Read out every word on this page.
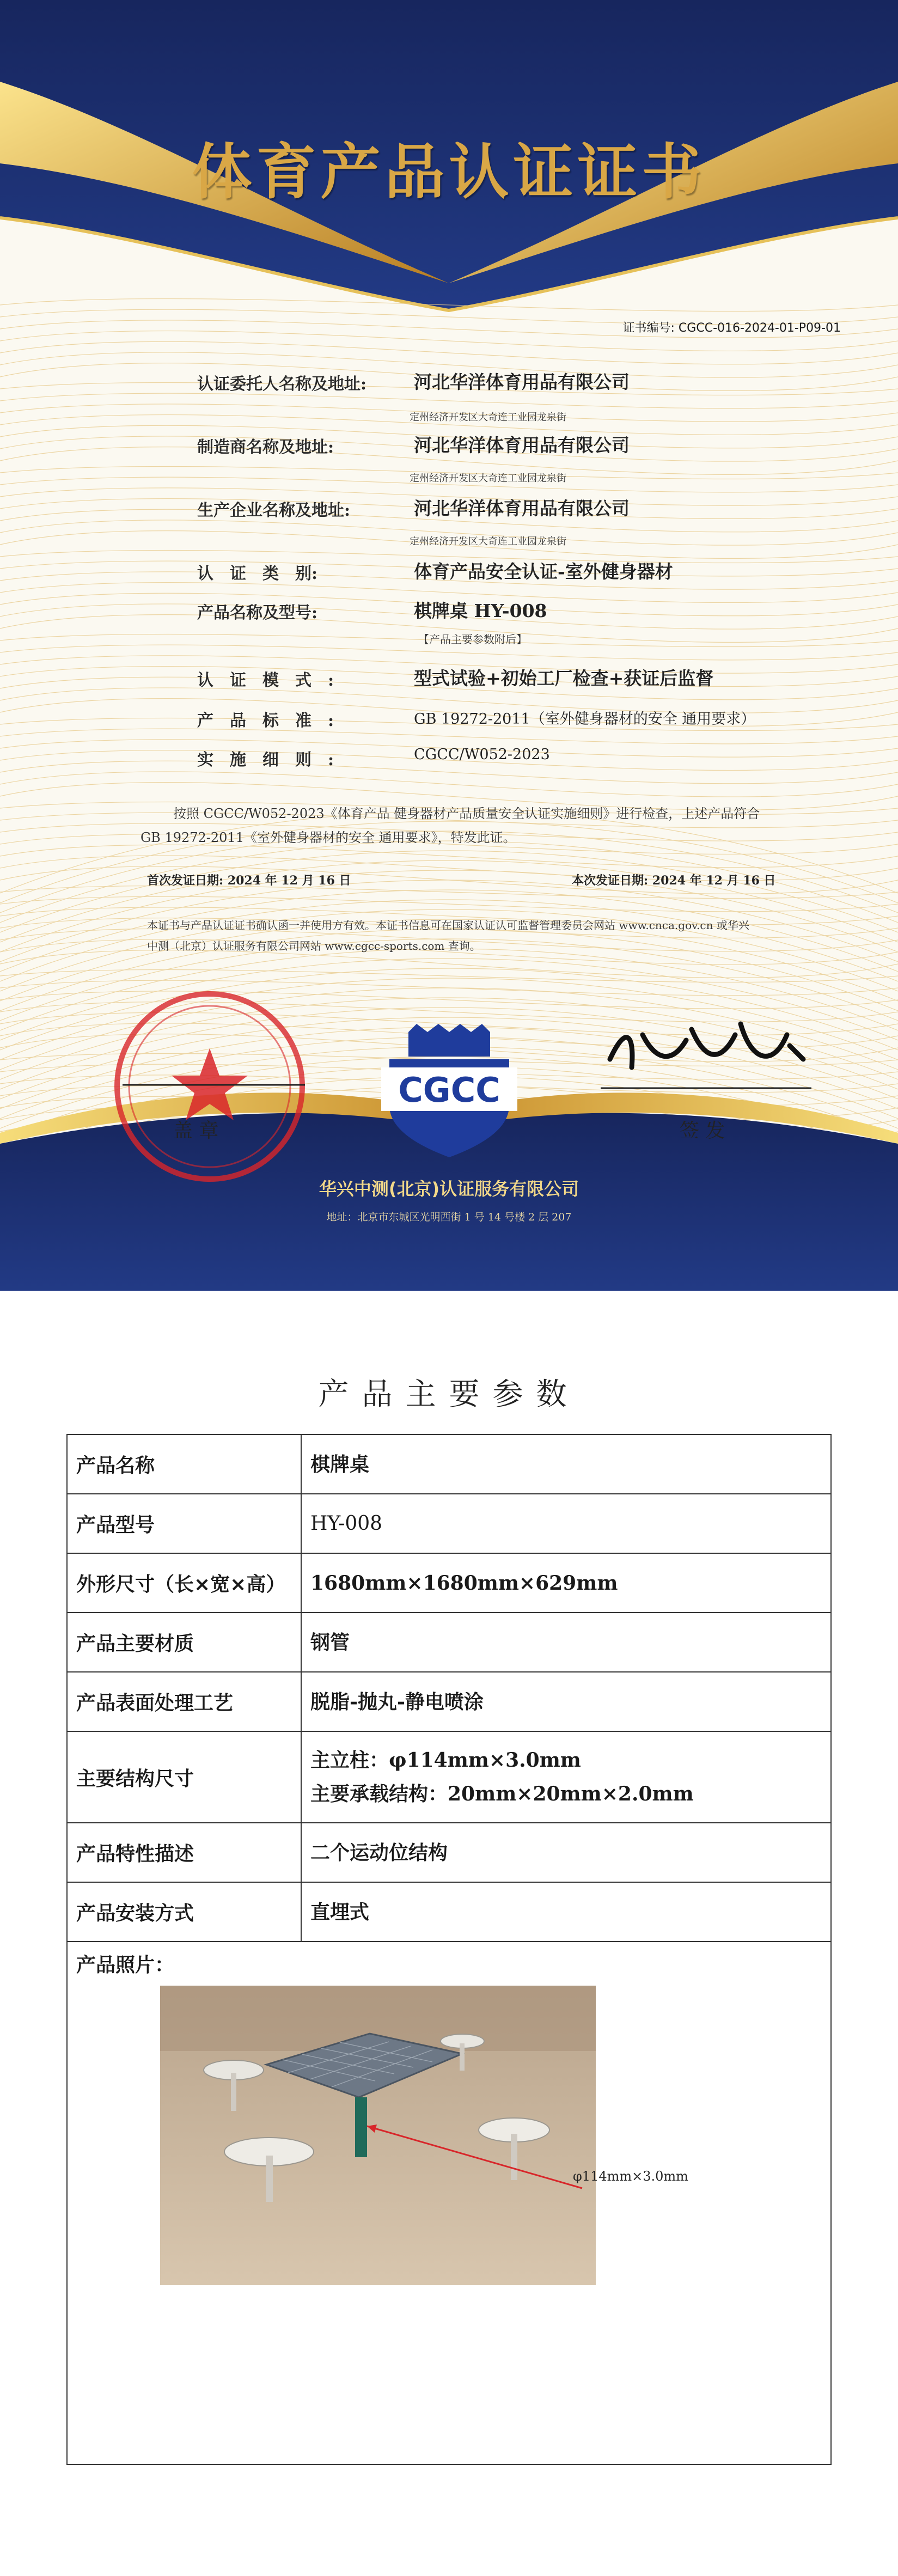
体育产品认证证书
证书编号: CGCC-016-2024-01-P09-01
认证委托人名称及地址:	河北华洋体育用品有限公司
定州经济开发区大奇连工业园龙泉街
制造商名称及地址:	河北华洋体育用品有限公司
定州经济开发区大奇连工业园龙泉街
生产企业名称及地址:	河北华洋体育用品有限公司
定州经济开发区大奇连工业园龙泉街
认　证　类　别:	体育产品安全认证-室外健身器材
产品名称及型号:	棋牌桌 HY-008
【产品主要参数附后】
认　证　模　式　:	型式试验+初始工厂检查+获证后监督
产　品　标　准　:	GB 19272-2011（室外健身器材的安全 通用要求）
实　施　细　则　:	CGCC/W052-2023
按照 CGCC/W052-2023《体育产品 健身器材产品质量安全认证实施细则》进行检查，上述产品符合 GB 19272-2011《室外健身器材的安全 通用要求》，特发此证。
首次发证日期: 2024 年 12 月 16 日	本次发证日期: 2024 年 12 月 16 日
本证书与产品认证证书确认函一并使用方有效。本证书信息可在国家认证认可监督管理委员会网站 www.cnca.gov.cn 或华兴中测（北京）认证服务有限公司网站 www.cgcc-sports.com 查询。
盖 章	签 发
CGCC
华兴中测(北京)认证服务有限公司
地址：北京市东城区光明西街 1 号 14 号楼 2 层 207
产品主要参数
产品名称	棋牌桌
产品型号	HY-008
外形尺寸（长×宽×高）	1680mm×1680mm×629mm
产品主要材质	钢管
产品表面处理工艺	脱脂-抛丸-静电喷涂
主要结构尺寸	主立柱：φ114mm×3.0mm
主要承载结构：20mm×20mm×2.0mm

产品特性描述	二个运动位结构
产品安装方式	直埋式

产品照片：	
φ114mm×3.0mm
